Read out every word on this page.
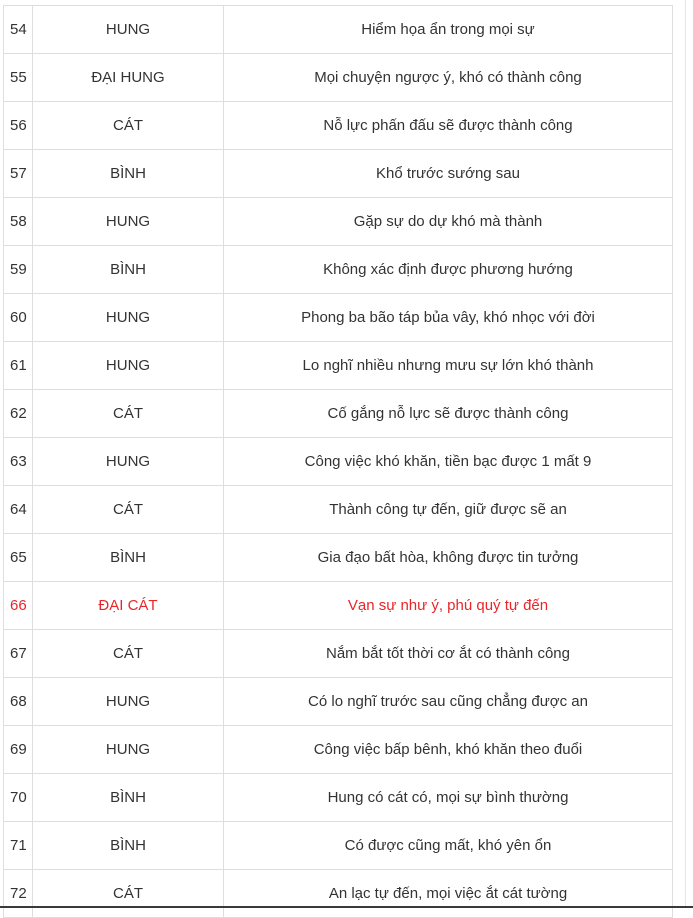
54	HUNG	Hiểm họa ẩn trong mọi sự
55	ĐẠI HUNG	Mọi chuyện ngược ý, khó có thành công
56	CÁT	Nỗ lực phấn đấu sẽ được thành công
57	BÌNH	Khổ trước sướng sau
58	HUNG	Gặp sự do dự khó mà thành
59	BÌNH	Không xác định được phương hướng
60	HUNG	Phong ba bão táp bủa vây, khó nhọc với đời
61	HUNG	Lo nghĩ nhiều nhưng mưu sự lớn khó thành
62	CÁT	Cố gắng nỗ lực sẽ được thành công
63	HUNG	Công việc khó khăn, tiền bạc được 1 mất 9
64	CÁT	Thành công tự đến, giữ được sẽ an
65	BÌNH	Gia đạo bất hòa, không được tin tưởng
66	ĐẠI CÁT	Vạn sự như ý, phú quý tự đến
67	CÁT	Nắm bắt tốt thời cơ ắt có thành công
68	HUNG	Có lo nghĩ trước sau cũng chẳng được an
69	HUNG	Công việc bấp bênh, khó khăn theo đuổi
70	BÌNH	Hung có cát có, mọi sự bình thường
71	BÌNH	Có được cũng mất, khó yên ổn
72	CÁT	An lạc tự đến, mọi việc ắt cát tường
